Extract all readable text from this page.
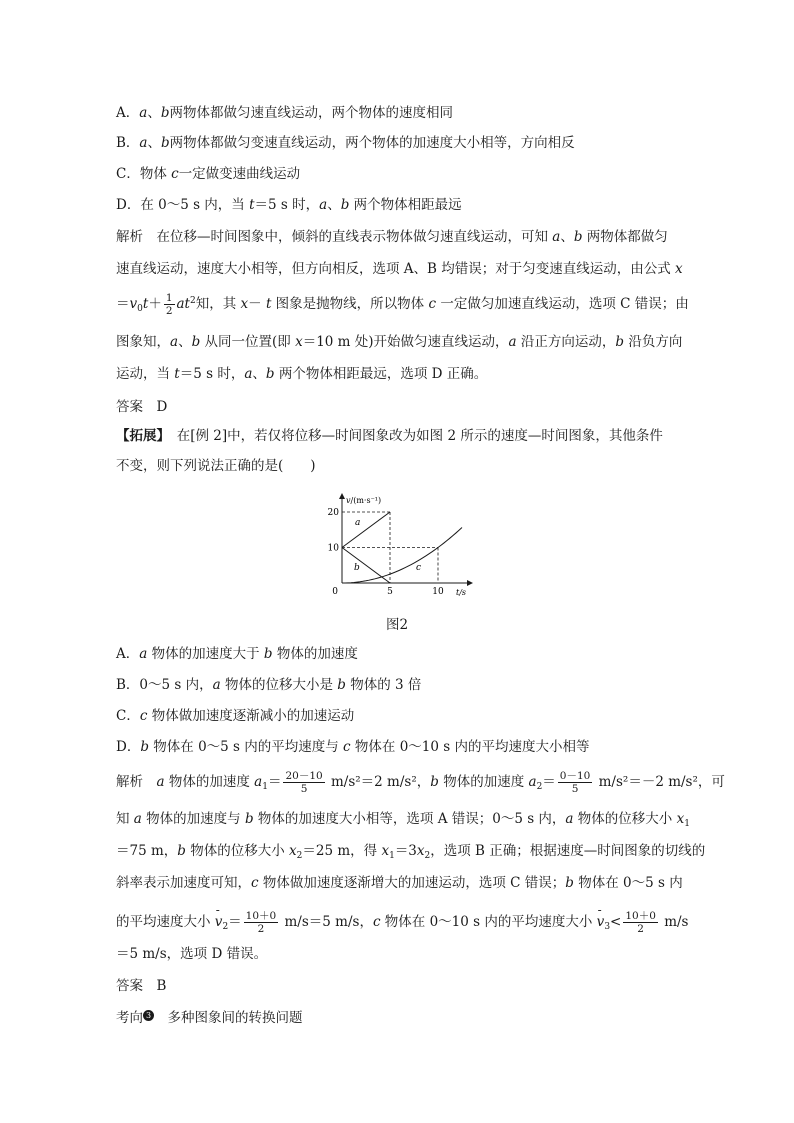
A．a、b两物体都做匀速直线运动，两个物体的速度相同
B．a、b两物体都做匀变速直线运动，两个物体的加速度大小相等，方向相反
C．物体 c一定做变速曲线运动
D．在 0～5 s 内，当 t＝5 s 时，a、b 两个物体相距最远
解析　在位移—时间图象中，倾斜的直线表示物体做匀速直线运动，可知 a、b 两物体都做匀
速直线运动，速度大小相等，但方向相反，选项 A、B 均错误；对于匀变速直线运动，由公式 x
$=v_0t+ \frac{1}{2} at^2$知，其 x－ t 图象是抛物线，所以物体 c 一定做匀加速直线运动，选项 C 错误；由
图象知，a、b 从同一位置(即 x＝10 m 处)开始做匀速直线运动，a 沿正方向运动，b 沿负方向
运动，当 t＝5 s 时，a、b 两个物体相距最远，选项 D 正确。
答案　D
【拓展】　在[例 2]中，若仅将位移—时间图象改为如图 2 所示的速度—时间图象，其他条件
不变，则下列说法正确的是(　　)
v/(m·s⁻¹)
t/s
20
10
0	5	10
a
b	c
图2
A．a 物体的加速度大于 b 物体的加速度
B．0～5 s 内，a 物体的位移大小是 b 物体的 3 倍
C．c 物体做加速度逐渐减小的加速运动
D．b 物体在 0～5 s 内的平均速度与 c 物体在 0～10 s 内的平均速度大小相等
解析　a 物体的加速度 $a_1= \frac{20-10}{5} m/s^2=2$ m/s²，b 物体的加速度 $a_2= \frac{0-10}{5} m/s^2=-2$ m/s²，可
知 a 物体的加速度与 b 物体的加速度大小相等，选项 A 错误；0～5 s 内，a 物体的位移大小 $x_1$
＝75 m，b 物体的位移大小 $x_2=25$ m，得 $x_1=3x_2$，选项 B 正确；根据速度—时间图象的切线的
斜率表示加速度可知，c 物体做加速度逐渐增大的加速运动，选项 C 错误；b 物体在 0～5 s 内
的平均速度大小 - $v_2= \frac{10+0}{2} m/s=5$ m/s，c 物体在 0～10 s 内的平均速度大小 - $v_3< \frac{10+0}{2} m/s$
＝5 m/s，选项 D 错误。
答案　B
考向 3　多种图象间的转换问题
